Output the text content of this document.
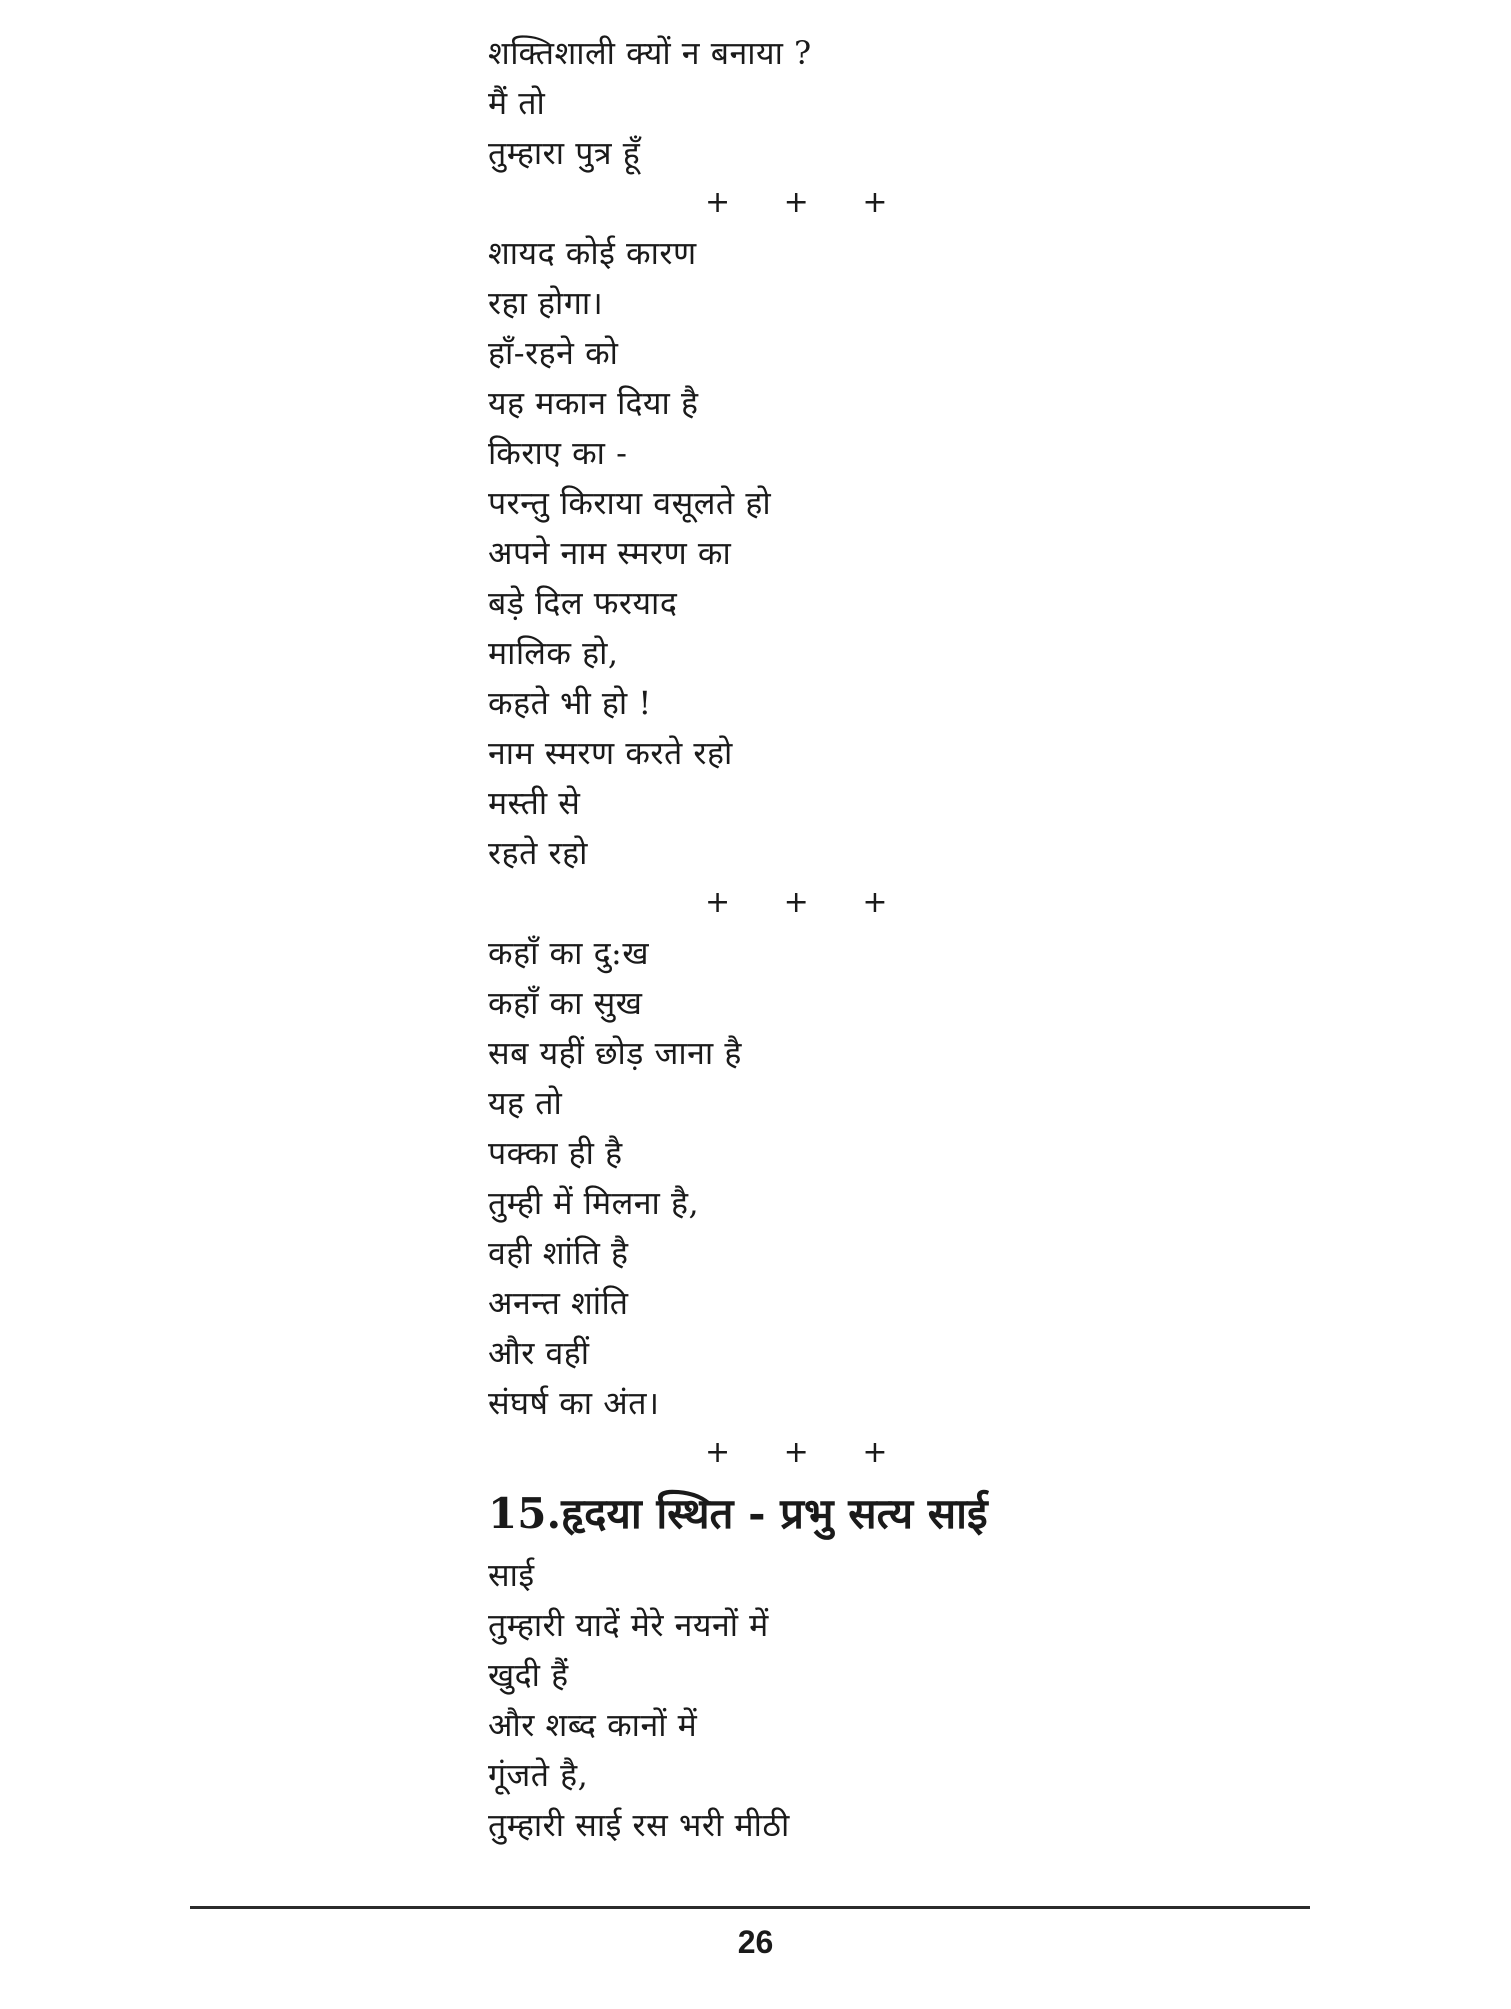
शक्तिशाली क्यों न बनाया ?
मैं तो
तुम्हारा पुत्र हूँ
+ + +
शायद कोई कारण
रहा होगा।
हाँ-रहने को
यह मकान दिया है
किराए का -
परन्तु किराया वसूलते हो
अपने नाम स्मरण का
बड़े दिल फरयाद
मालिक हो,
कहते भी हो !
नाम स्मरण करते रहो
मस्ती से
रहते रहो
+ + +
कहाँ का दु:ख
कहाँ का सुख
सब यहीं छोड़ जाना है
यह तो
पक्का ही है
तुम्ही में मिलना है,
वही शांति है
अनन्त शांति
और वहीं
संघर्ष का अंत।
+ + +
15.हृदया स्थित - प्रभु सत्य साई
साई
तुम्हारी यादें मेरे नयनों में
खुदी हैं
और शब्द कानों में
गूंजते है,
तुम्हारी साई रस भरी मीठी
26
